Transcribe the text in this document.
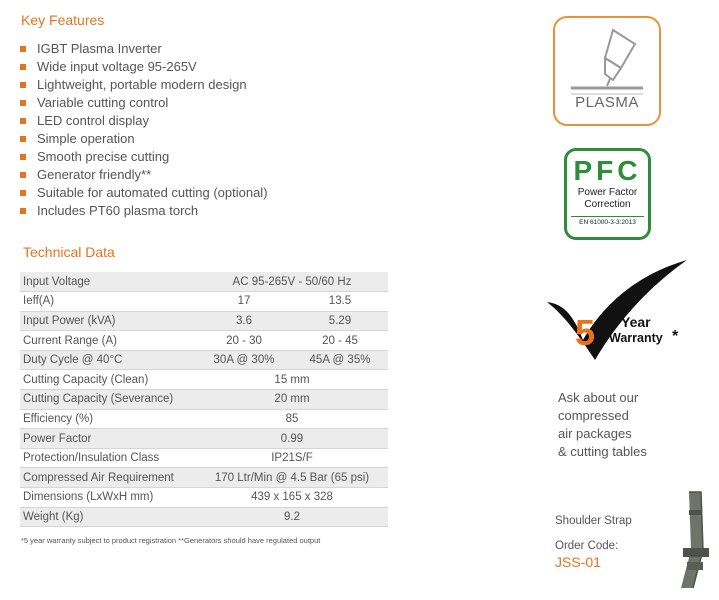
Key Features
IGBT Plasma Inverter
Wide input voltage 95-265V
Lightweight, portable modern design
Variable cutting control
LED control display
Simple operation
Smooth precise cutting
Generator friendly**
Suitable for automated cutting (optional)
Includes PT60 plasma torch
Technical Data
Input Voltage	AC 95-265V - 50/60 Hz	
Ieff(A)	17	13.5
Input Power (kVA)	3.6	5.29
Current Range (A)	20 - 30	20 - 45
Duty Cycle @ 40°C	30A @ 30%	45A @ 35%
Cutting Capacity (Clean)	15 mm	
Cutting Capacity (Severance)	20 mm	
Efficiency (%)	85	
Power Factor	0.99	
Protection/Insulation Class	IP21S/F	
Compressed Air Requirement	170 Ltr/Min @ 4.5 Bar (65 psi)	
Dimensions (LxWxH mm)	439 x 165 x 328	
Weight (Kg)	9.2	
*5 year warranty subject to product registration **Generators should have regulated output
PLASMA
PFC
Power Factor
Correction
EN 61000-3-3:2013
5 Year
Warranty *
Ask about our
compressed
air packages
& cutting tables
Shoulder Strap
Order Code:
JSS-01
